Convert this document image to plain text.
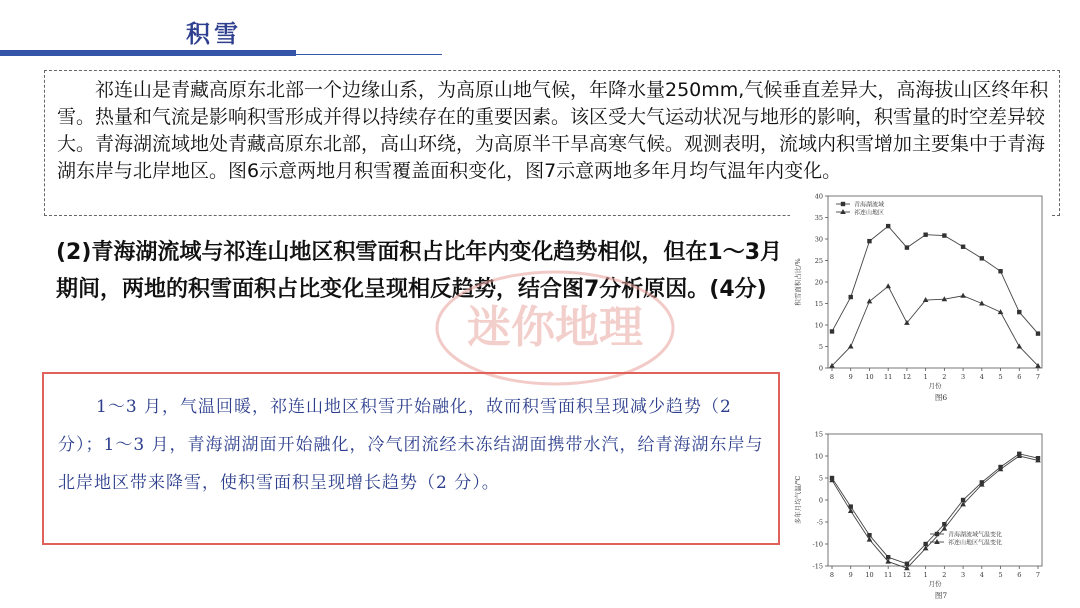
积雪

祁连山是青藏高原东北部一个边缘山系，为高原山地气候，年降水量250mm,气候垂直差异大，高海拔山区终年积雪。热量和气流是影响积雪形成并得以持续存在的重要因素。该区受大气运动状况与地形的影响，积雪量的时空差异较大。青海湖流域地处青藏高原东北部，高山环绕，为高原半干旱高寒气候。观测表明，流域内积雪增加主要集中于青海湖东岸与北岸地区。图6示意两地月积雪覆盖面积变化，图7示意两地多年月均气温年内变化。

(2)青海湖流域与祁连山地区积雪面积占比年内变化趋势相似，但在1～3月期间，两地的积雪面积占比变化呈现相反趋势，结合图7分析原因。(4分)

迷你地理

1～3 月，气温回暖，祁连山地区积雪开始融化，故而积雪面积呈现减少趋势（2 分）；1～3 月，青海湖湖面开始融化，冷气团流经未冻结湖面携带水汽，给青海湖东岸与北岸地区带来降雪，使积雪面积呈现增长趋势（2 分）。

0
5
10
15
20
25
30
35
40
8 9 10 11 12 1 2 3 4 5 6 7
月份
积雪面积占比/%
图6
青海湖流域
祁连山地区
-15
-10
-5
0
5
10
15
8 9 10 11 12 1 2 3 4 5 6 7
月份
多年月均气温/℃
图7
青海湖流域气温变化
祁连山地区气温变化
